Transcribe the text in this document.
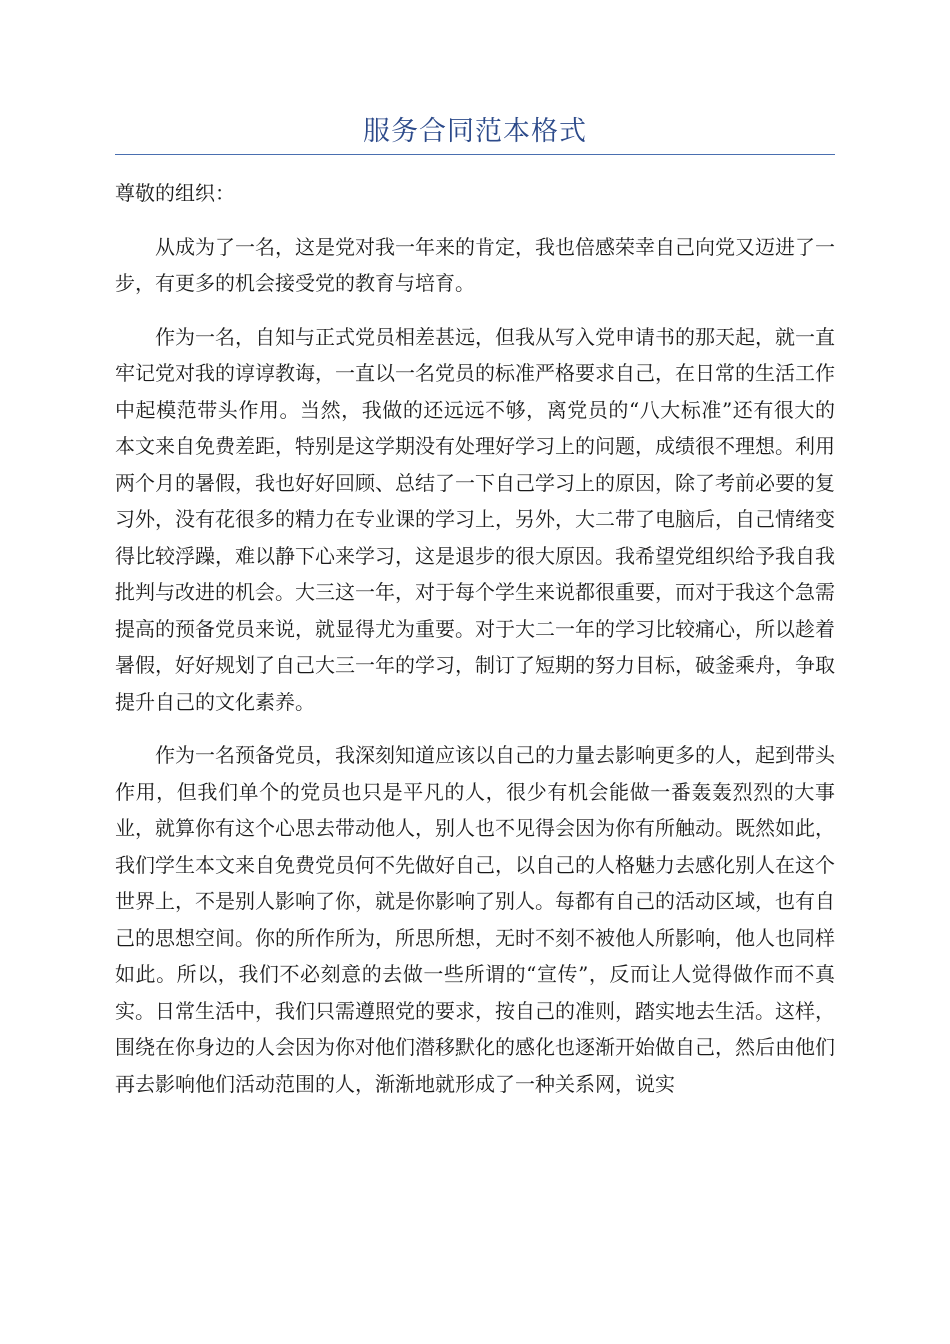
服务合同范本格式

尊敬的组织：

从成为了一名，这是党对我一年来的肯定，我也倍感荣幸自己向党又迈进了一步，有更多的机会接受党的教育与培育。

作为一名，自知与正式党员相差甚远，但我从写入党申请书的那天起，就一直牢记党对我的谆谆教诲，一直以一名党员的标准严格要求自己，在日常的生活工作中起模范带头作用。当然，我做的还远远不够，离党员的“八大标准”还有很大的本文来自免费差距，特别是这学期没有处理好学习上的问题，成绩很不理想。利用两个月的暑假，我也好好回顾、总结了一下自己学习上的原因，除了考前必要的复习外，没有花很多的精力在专业课的学习上，另外，大二带了电脑后，自己情绪变得比较浮躁，难以静下心来学习，这是退步的很大原因。我希望党组织给予我自我批判与改进的机会。大三这一年，对于每个学生来说都很重要，而对于我这个急需提高的预备党员来说，就显得尤为重要。对于大二一年的学习比较痛心，所以趁着暑假，好好规划了自己大三一年的学习，制订了短期的努力目标，破釜乘舟，争取提升自己的文化素养。

作为一名预备党员，我深刻知道应该以自己的力量去影响更多的人，起到带头作用，但我们单个的党员也只是平凡的人，很少有机会能做一番轰轰烈烈的大事业，就算你有这个心思去带动他人，别人也不见得会因为你有所触动。既然如此，我们学生本文来自免费党员何不先做好自己，以自己的人格魅力去感化别人在这个世界上，不是别人影响了你，就是你影响了别人。每都有自己的活动区域，也有自己的思想空间。你的所作所为，所思所想，无时不刻不被他人所影响，他人也同样如此。所以，我们不必刻意的去做一些所谓的“宣传”，反而让人觉得做作而不真实。日常生活中，我们只需遵照党的要求，按自己的准则，踏实地去生活。这样，围绕在你身边的人会因为你对他们潜移默化的感化也逐渐开始做自己，然后由他们再去影响他们活动范围的人，渐渐地就形成了一种关系网，说实
